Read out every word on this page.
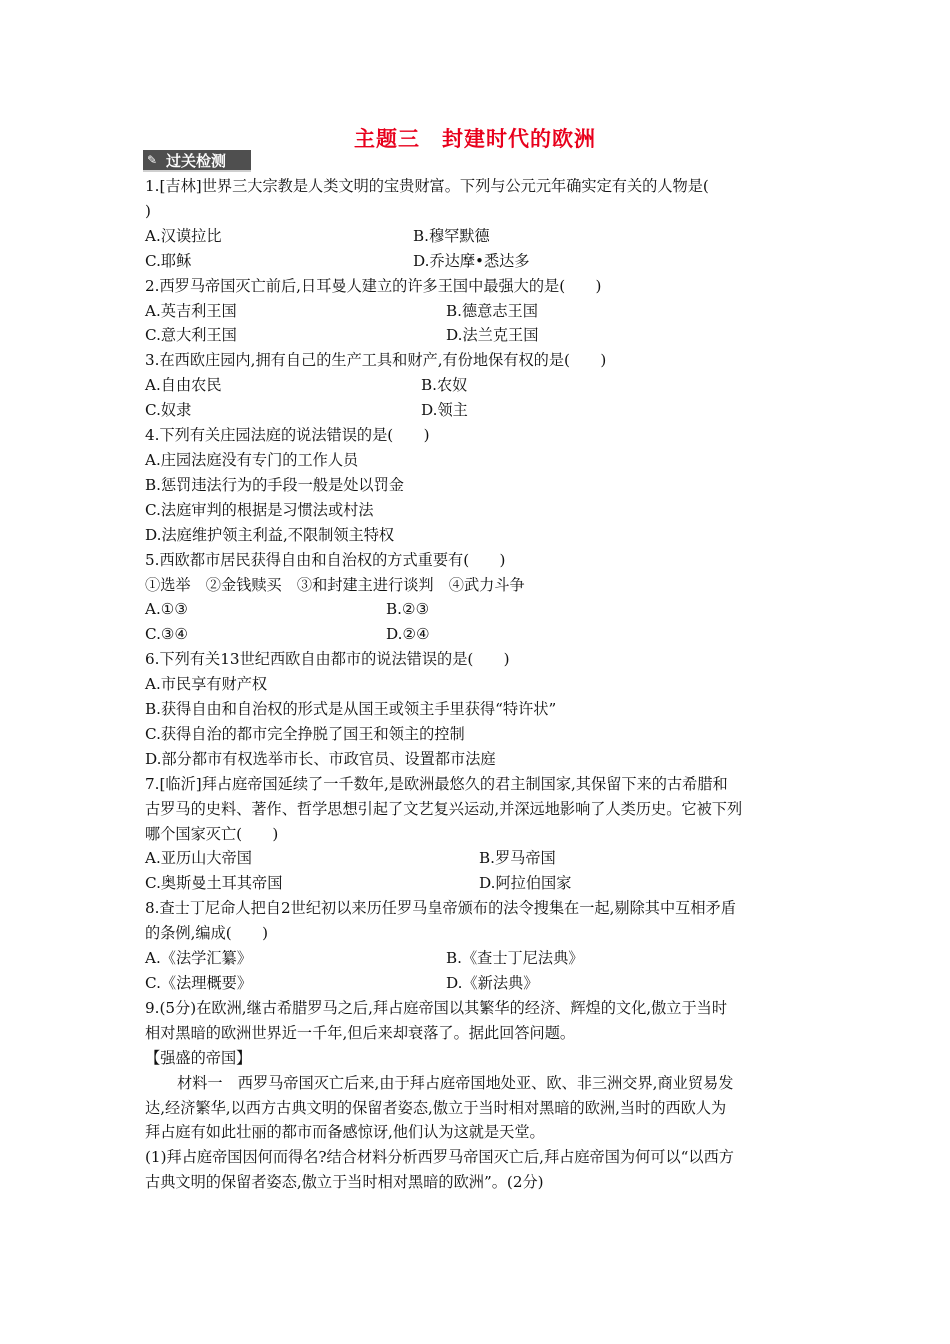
主题三　封建时代的欧洲
✎ 过关检测
1.[吉林]世界三大宗教是人类文明的宝贵财富。下列与公元元年确实定有关的人物是(
)
A.汉谟拉比	B.穆罕默德
C.耶稣	D.乔达摩•悉达多
2.西罗马帝国灭亡前后,日耳曼人建立的许多王国中最强大的是(　　)
A.英吉利王国	B.德意志王国
C.意大利王国	D.法兰克王国
3.在西欧庄园内,拥有自己的生产工具和财产,有份地保有权的是(　　)
A.自由农民	B.农奴
C.奴隶	D.领主
4.下列有关庄园法庭的说法错误的是(　　)
A.庄园法庭没有专门的工作人员
B.惩罚违法行为的手段一般是处以罚金
C.法庭审判的根据是习惯法或村法
D.法庭维护领主利益,不限制领主特权
5.西欧都市居民获得自由和自治权的方式重要有(　　)
①选举　②金钱赎买　③和封建主进行谈判　④武力斗争
A.①③	B.②③
C.③④	D.②④
6.下列有关13世纪西欧自由都市的说法错误的是(　　)
A.市民享有财产权
B.获得自由和自治权的形式是从国王或领主手里获得“特许状”
C.获得自治的都市完全挣脱了国王和领主的控制
D.部分都市有权选举市长、市政官员、设置都市法庭
7.[临沂]拜占庭帝国延续了一千数年,是欧洲最悠久的君主制国家,其保留下来的古希腊和
古罗马的史料、著作、哲学思想引起了文艺复兴运动,并深远地影响了人类历史。它被下列
哪个国家灭亡(　　)
A.亚历山大帝国	B.罗马帝国
C.奥斯曼土耳其帝国	D.阿拉伯国家
8.查士丁尼命人把自2世纪初以来历任罗马皇帝颁布的法令搜集在一起,剔除其中互相矛盾
的条例,编成(　　)
A.《法学汇纂》	B.《查士丁尼法典》
C.《法理概要》	D.《新法典》
9.(5分)在欧洲,继古希腊罗马之后,拜占庭帝国以其繁华的经济、辉煌的文化,傲立于当时
相对黑暗的欧洲世界近一千年,但后来却衰落了。据此回答问题。
【强盛的帝国】
材料一　西罗马帝国灭亡后来,由于拜占庭帝国地处亚、欧、非三洲交界,商业贸易发
达,经济繁华,以西方古典文明的保留者姿态,傲立于当时相对黑暗的欧洲,当时的西欧人为
拜占庭有如此壮丽的都市而备感惊讶,他们认为这就是天堂。
(1)拜占庭帝国因何而得名?结合材料分析西罗马帝国灭亡后,拜占庭帝国为何可以“以西方
古典文明的保留者姿态,傲立于当时相对黑暗的欧洲”。(2分)
